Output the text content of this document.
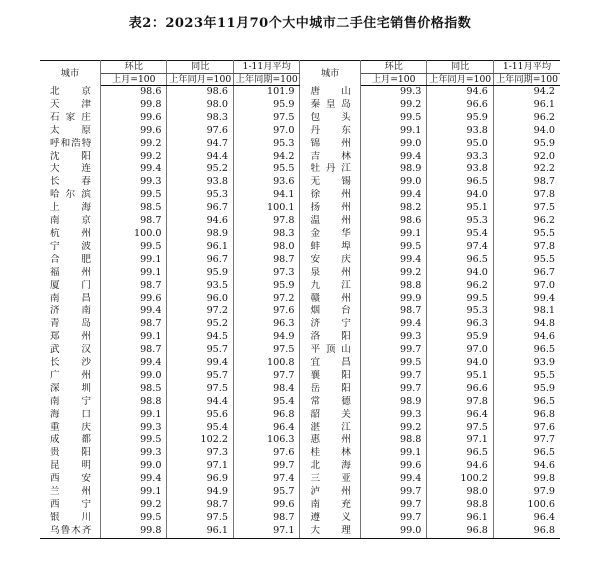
表2：2023年11月70个大中城市二手住宅销售价格指数
城市	环比	同比	1-11月平均	城市	环比	同比	1-11月平均
	上月=100	上年同月=100	上年同期=100		上月=100	上年同月=100	上年同期=100
北京	98.6	98.6	101.9	唐山	99.3	94.6	94.2
天津	99.8	98.0	95.9	秦皇岛	99.2	96.6	96.1
石家庄	99.6	98.3	97.5	包头	99.5	95.9	96.2
太原	99.6	97.6	97.0	丹东	99.1	93.8	94.0
呼和浩特	99.2	94.7	95.3	锦州	99.0	95.0	95.9
沈阳	99.2	94.4	94.2	吉林	99.4	93.3	92.0
大连	99.4	95.2	95.5	牡丹江	98.9	93.8	92.2
长春	99.3	93.8	93.6	无锡	99.0	96.5	98.7
哈尔滨	99.5	95.3	94.1	徐州	99.4	94.0	97.8
上海	98.5	96.7	100.1	扬州	98.2	95.1	97.5
南京	98.7	94.6	97.8	温州	98.6	95.3	96.2
杭州	100.0	98.9	98.3	金华	99.1	95.4	95.5
宁波	99.5	96.1	98.0	蚌埠	99.5	97.4	97.8
合肥	99.1	96.7	98.7	安庆	99.4	96.5	95.5
福州	99.1	95.9	97.3	泉州	99.2	94.0	96.7
厦门	98.7	93.5	95.9	九江	98.8	96.2	97.0
南昌	99.6	96.0	97.2	赣州	99.9	99.5	99.4
济南	99.4	97.2	97.6	烟台	98.7	95.3	98.1
青岛	98.7	95.2	96.3	济宁	99.4	96.3	94.8
郑州	99.1	94.5	94.9	洛阳	99.3	95.9	94.6
武汉	98.7	95.7	97.5	平顶山	99.7	97.0	96.5
长沙	99.4	99.4	100.8	宜昌	99.5	94.0	93.9
广州	99.0	95.7	97.7	襄阳	99.7	95.1	95.5
深圳	98.5	97.5	98.4	岳阳	99.7	96.6	95.9
南宁	98.8	94.4	95.4	常德	98.9	97.8	96.5
海口	99.1	95.6	96.8	韶关	99.3	96.4	96.8
重庆	99.3	95.4	96.4	湛江	99.2	97.5	97.6
成都	99.5	102.2	106.3	惠州	98.8	97.1	97.7
贵阳	99.3	97.3	97.6	桂林	99.1	96.5	96.5
昆明	99.0	97.1	99.7	北海	99.6	94.6	94.6
西安	99.4	96.9	97.4	三亚	99.4	100.2	99.8
兰州	99.1	94.9	95.7	泸州	99.7	98.0	97.9
西宁	99.2	98.7	99.6	南充	99.7	98.8	100.6
银川	99.5	97.5	98.7	遵义	99.7	96.1	96.4
乌鲁木齐	99.8	96.1	97.1	大理	99.0	96.8	96.8
